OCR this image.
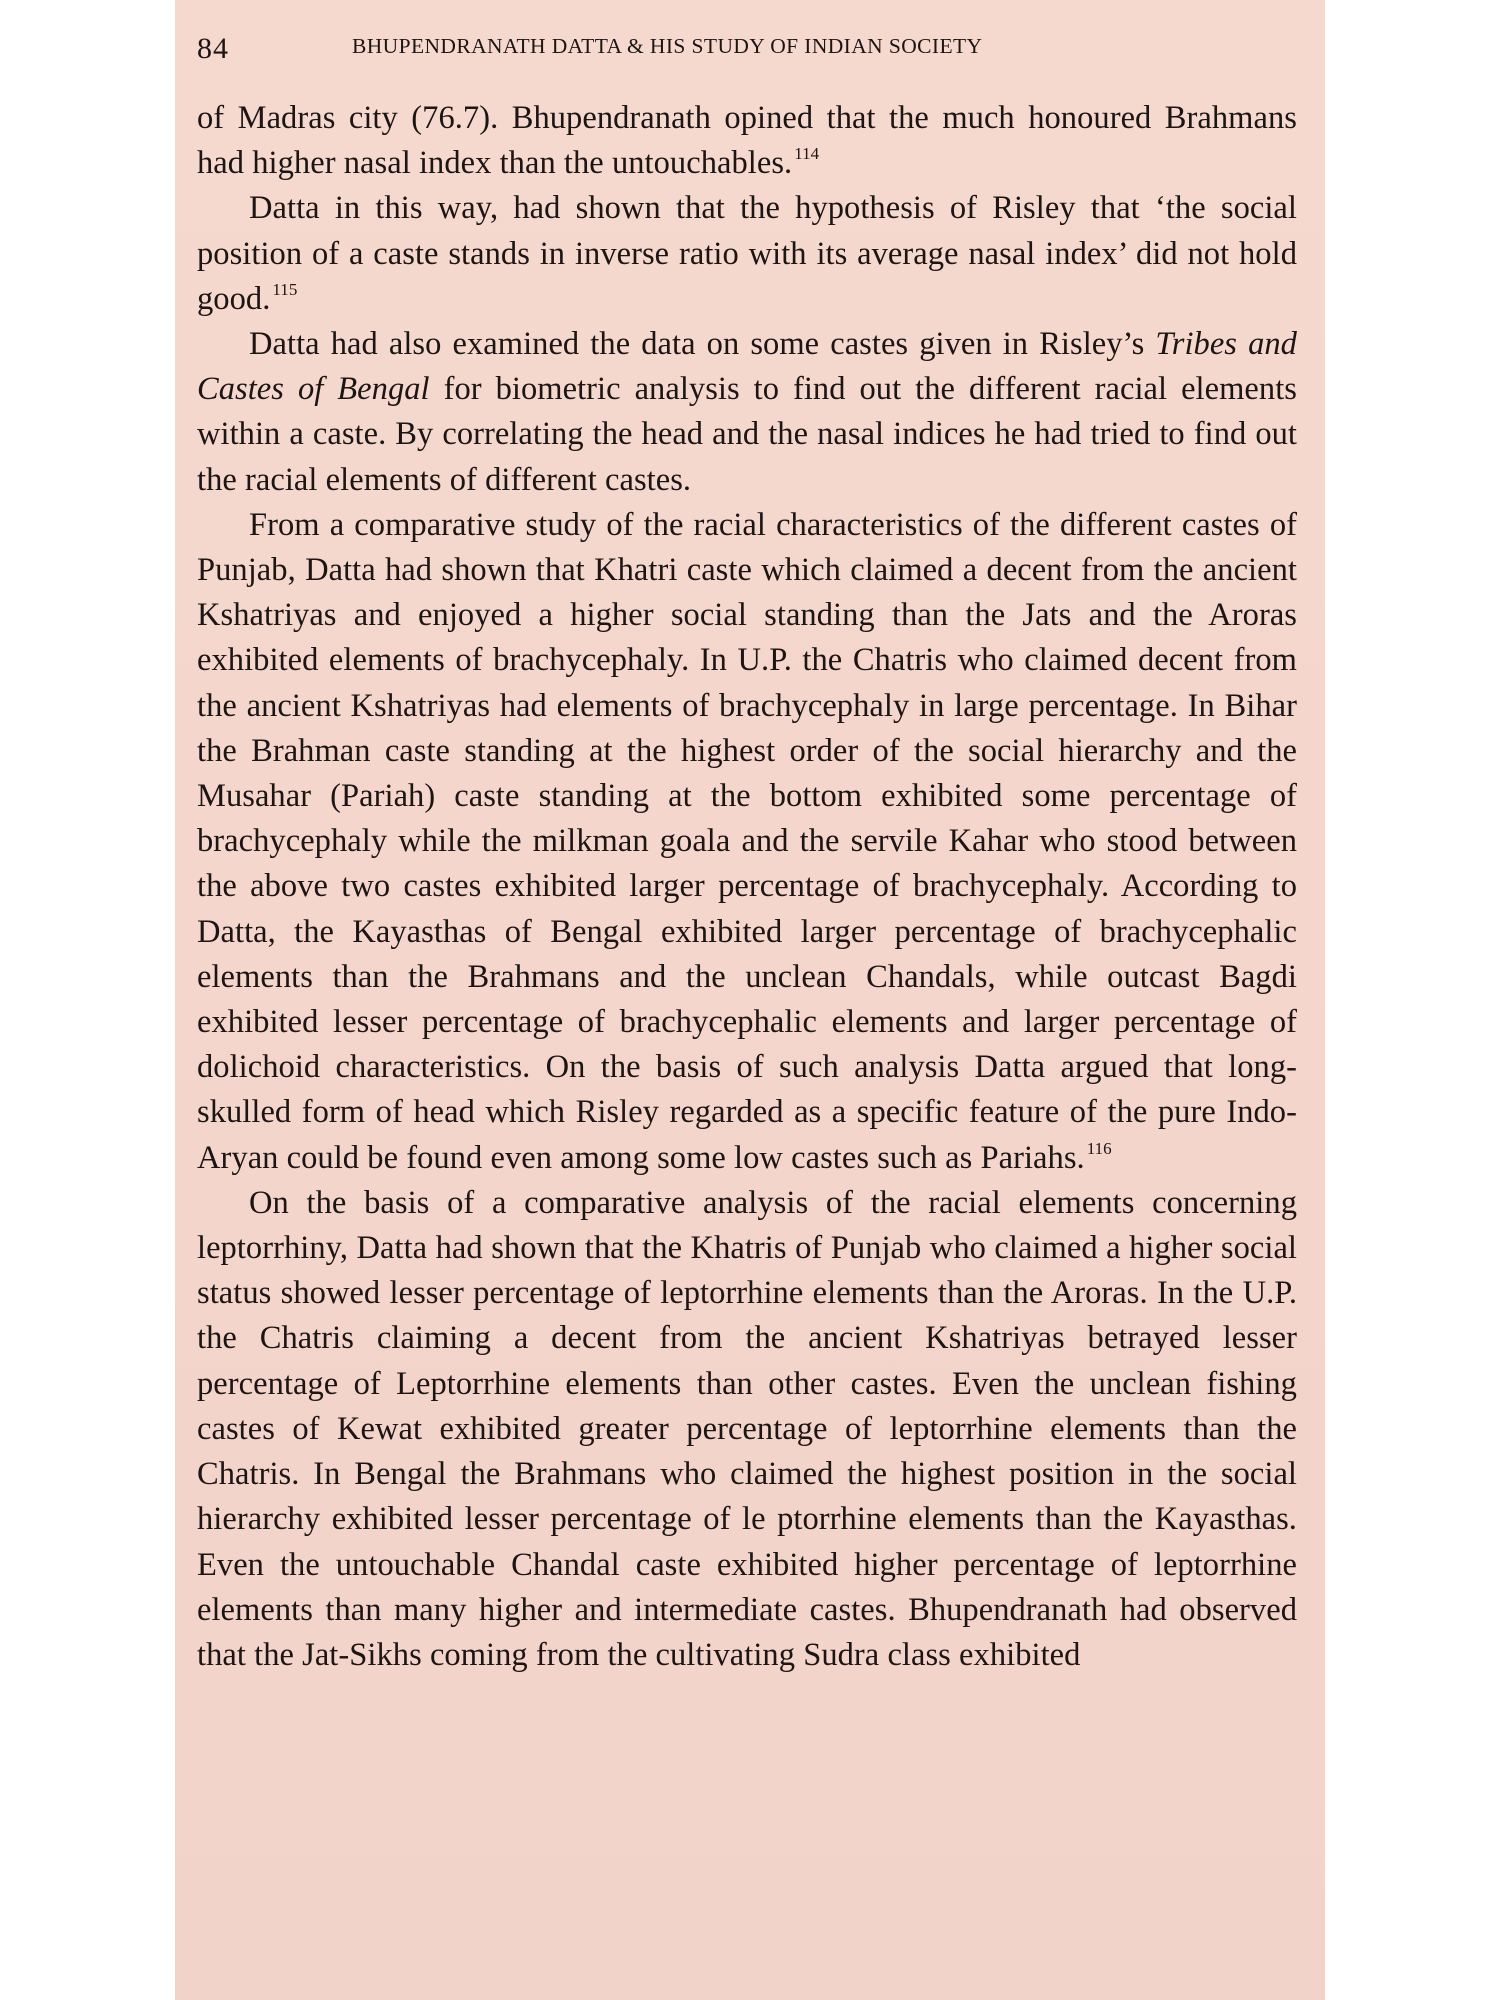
84	BHUPENDRANATH DATTA & HIS STUDY OF INDIAN SOCIETY

of Madras city (76.7). Bhupendranath opined that the much honoured Brahmans had higher nasal index than the untouchables. $^{114}$

Datta in this way, had shown that the hypothesis of Risley that ‘the social position of a caste stands in inverse ratio with its average nasal index’ did not hold good. $^{115}$

Datta had also examined the data on some castes given in Risley’s Tribes and Castes of Bengal for biometric analysis to find out the different racial elements within a caste. By correlating the head and the nasal indices he had tried to find out the racial elements of different castes.

From a comparative study of the racial characteristics of the different castes of Punjab, Datta had shown that Khatri caste which claimed a decent from the ancient Kshatriyas and enjoyed a higher social standing than the Jats and the Aroras exhibited elements of brachycephaly. In U.P. the Chatris who claimed decent from the ancient Kshatriyas had elements of brachycephaly in large percentage. In Bihar the Brahman caste standing at the highest order of the social hierarchy and the Musahar (Pariah) caste standing at the bottom exhibited some percentage of brachycephaly while the milkman goala and the servile Kahar who stood between the above two castes exhibited larger percentage of brachycephaly. According to Datta, the Kayasthas of Bengal exhibited larger percentage of brachycephalic elements than the Brahmans and the unclean Chandals, while outcast Bagdi exhibited lesser percentage of brachycephalic elements and larger percentage of dolichoid characteristics. On the basis of such analysis Datta argued that long-skulled form of head which Risley regarded as a specific feature of the pure Indo-Aryan could be found even among some low castes such as Pariahs. $^{116}$

On the basis of a comparative analysis of the racial elements concerning leptorrhiny, Datta had shown that the Khatris of Punjab who claimed a higher social status showed lesser percentage of leptorrhine elements than the Aroras. In the U.P. the Chatris claiming a decent from the ancient Kshatriyas betrayed lesser percentage of Leptorrhine elements than other castes. Even the unclean fishing castes of Kewat exhibited greater percentage of leptorrhine elements than the Chatris. In Bengal the Brahmans who claimed the highest position in the social hierarchy exhibited lesser percentage of le ptorrhine elements than the Kayasthas. Even the untouchable Chandal caste exhibited higher percentage of leptorrhine elements than many higher and intermediate castes. Bhupendranath had observed that the Jat-Sikhs coming from the cultivating Sudra class exhibited
